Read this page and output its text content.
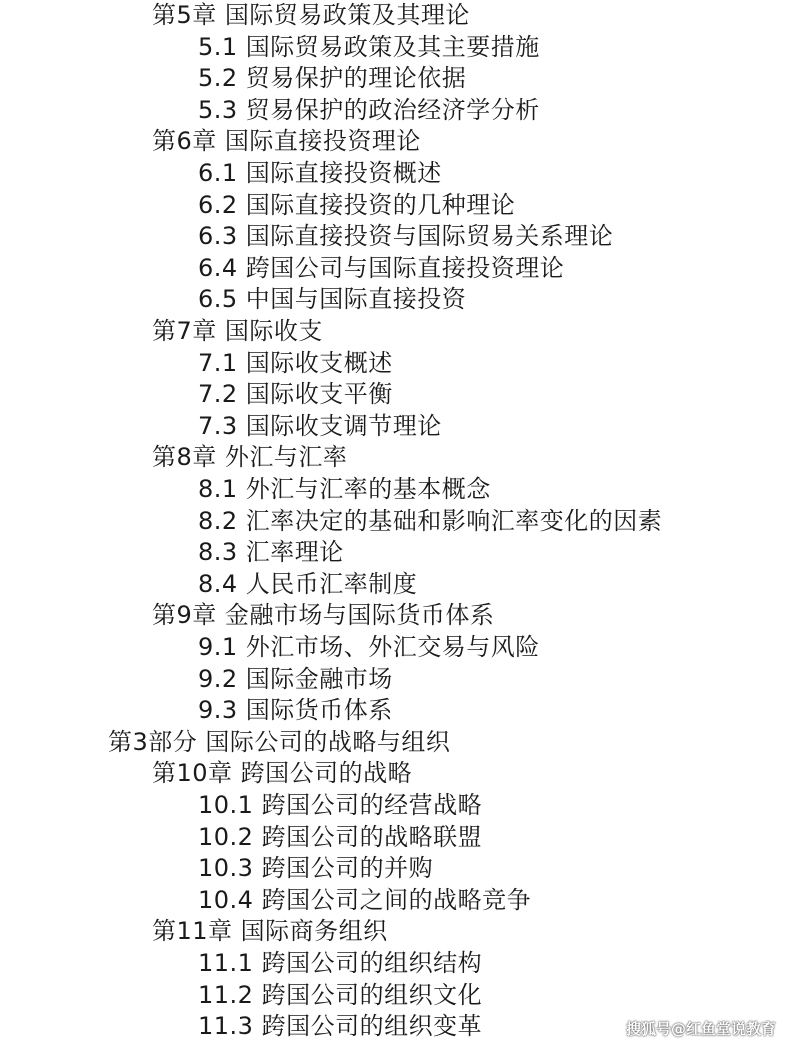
第5章 国际贸易政策及其理论
5.1 国际贸易政策及其主要措施
5.2 贸易保护的理论依据
5.3 贸易保护的政治经济学分析
第6章 国际直接投资理论
6.1 国际直接投资概述
6.2 国际直接投资的几种理论
6.3 国际直接投资与国际贸易关系理论
6.4 跨国公司与国际直接投资理论
6.5 中国与国际直接投资
第7章 国际收支
7.1 国际收支概述
7.2 国际收支平衡
7.3 国际收支调节理论
第8章 外汇与汇率
8.1 外汇与汇率的基本概念
8.2 汇率决定的基础和影响汇率变化的因素
8.3 汇率理论
8.4 人民币汇率制度
第9章 金融市场与国际货币体系
9.1 外汇市场、外汇交易与风险
9.2 国际金融市场
9.3 国际货币体系
第3部分 国际公司的战略与组织
第10章 跨国公司的战略
10.1 跨国公司的经营战略
10.2 跨国公司的战略联盟
10.3 跨国公司的并购
10.4 跨国公司之间的战略竞争
第11章 国际商务组织
11.1 跨国公司的组织结构
11.2 跨国公司的组织文化
11.3 跨国公司的组织变革	搜狐号@红鱼堂说教育
